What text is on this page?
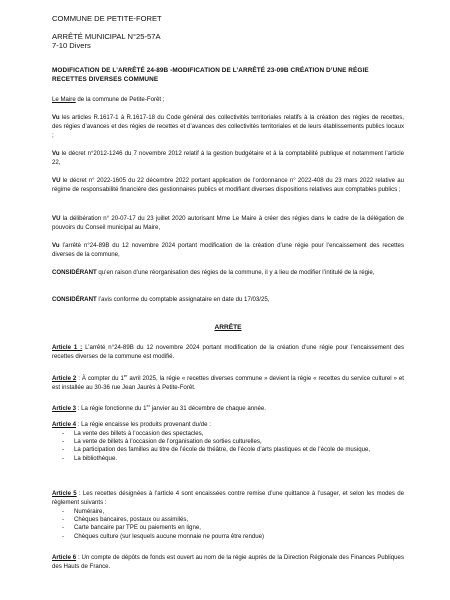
COMMUNE DE PETITE-FORET

ARRÊTÉ MUNICIPAL N°25-57A

7-10 Divers

MODIFICATION DE L’ARRÊTÉ 24-89B -MODIFICATION DE L’ARRÊTÉ 23-09B CRÉATION D’UNE RÉGIE RECETTES DIVERSES COMMUNE

Le Maire de la commune de Petite-Forêt ;

Vu les articles R.1617-1 à R.1617-18 du Code général des collectivités territoriales relatifs à la création des régies de recettes, des régies d’avances et des régies de recettes et d’avances des collectivités territoriales et de leurs établissements publics locaux ;

Vu le décret n°2012-1246 du 7 novembre 2012 relatif à la gestion budgétaire et à la comptabilité publique et notamment l’article 22,

VU le décret n° 2022-1605 du 22 décembre 2022 portant application de l’ordonnance n° 2022-408 du 23 mars 2022 relative au régime de responsabilité financière des gestionnaires publics et modifiant diverses dispositions relatives aux comptables publics ;

VU la délibération n° 20-07-17 du 23 juillet 2020 autorisant Mme Le Maire à créer des régies dans le cadre de la délégation de pouvoirs du Conseil municipal au Maire,

Vu l’arrêté n°24-89B du 12 novembre 2024 portant modification de la création d’une régie pour l’encaissement des recettes diverses de la commune,

CONSIDÉRANT qu’en raison d’une réorganisation des régies de la commune, il y a lieu de modifier l’intitulé de la régie,

CONSIDÉRANT l’avis conforme du comptable assignataire en date du 17/03/25,

ARRÊTE

Article 1 : L’arrêté n°24-89B du 12 novembre 2024 portant modification de la création d’une régie pour l’encaissement des recettes diverses de la commune est modifié.

Article 2 : À compter du 1er avril 2025, la régie « recettes diverses commune » devient la régie « recettes du service culturel » et est installée au 30-36 rue Jean Jaurès à Petite-Forêt.

Article 3 : La régie fonctionne du 1er janvier au 31 décembre de chaque année.

Article 4 : La régie encaisse les produits provenant du/de :

- La vente des billets à l’occasion des spectacles,
- La vente de billets à l’occasion de l’organisation de sorties culturelles,
- La participation des familles au titre de l’école de théâtre, de l’école d’arts plastiques et de l’école de musique,
- La bibliothèque.

Article 5 : Les recettes désignées à l’article 4 sont encaissées contre remise d’une quittance à l’usager, et selon les modes de règlement suivants :

- Numéraire,
- Chèques bancaires, postaux ou assimilés,
- Carte bancaire par TPE ou paiements en ligne,
- Chèques culture (sur lesquels aucune monnaie ne pourra être rendue)

Article 6 : Un compte de dépôts de fonds est ouvert au nom de la régie auprès de la Direction Régionale des Finances Publiques des Hauts de France.
